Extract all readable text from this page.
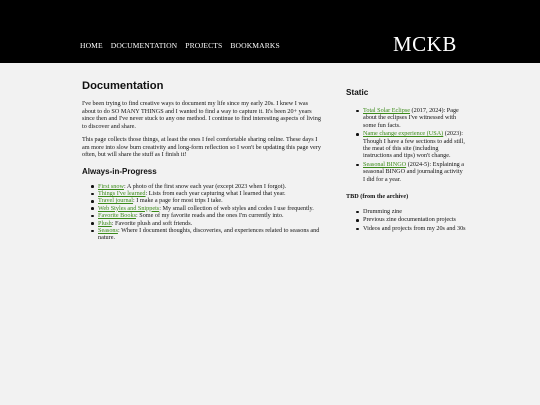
HOME DOCUMENTATION PROJECTS BOOKMARKS	MCKB
Documentation

I've been trying to find creative ways to document my life since my early 20s. I knew I was about to do SO MANY THINGS and I wanted to find a way to capture it. It's been 20+ years since then and I've never stuck to any one method. I continue to find interesting aspects of living to discover and share.

This page collects those things, at least the ones I feel comfortable sharing online. These days I am more into slow burn creativity and long-form reflection so I won't be updating this page very often, but will share the stuff as I finish it!

Always-in-Progress
First snow: A photo of the first snow each year (except 2023 when I forgot).
Things I've learned: Lists from each year capturing what I learned that year.
Travel journal: I make a page for most trips I take.
Web Styles and Snippets: My small collection of web styles and codes I use frequently.
Favorite Books: Some of my favorite reads and the ones I'm currently into.
Plush: Favorite plush and soft friends.
Seasons: Where I document thoughts, discoveries, and experiences related to seasons and nature.
Static
Total Solar Eclipse (2017, 2024): Page about the eclipses I've witnessed with some fun facts.
Name change experience (USA) (2023): Though I have a few sections to add still, the meat of this site (including instructions and tips) won't change.
Seasonal BINGO (2024-5): Explaining a seasonal BINGO and journaling activity I did for a year.
TBD (from the archive)
Drumming zine
Previous zine documentation projects
Videos and projects from my 20s and 30s
